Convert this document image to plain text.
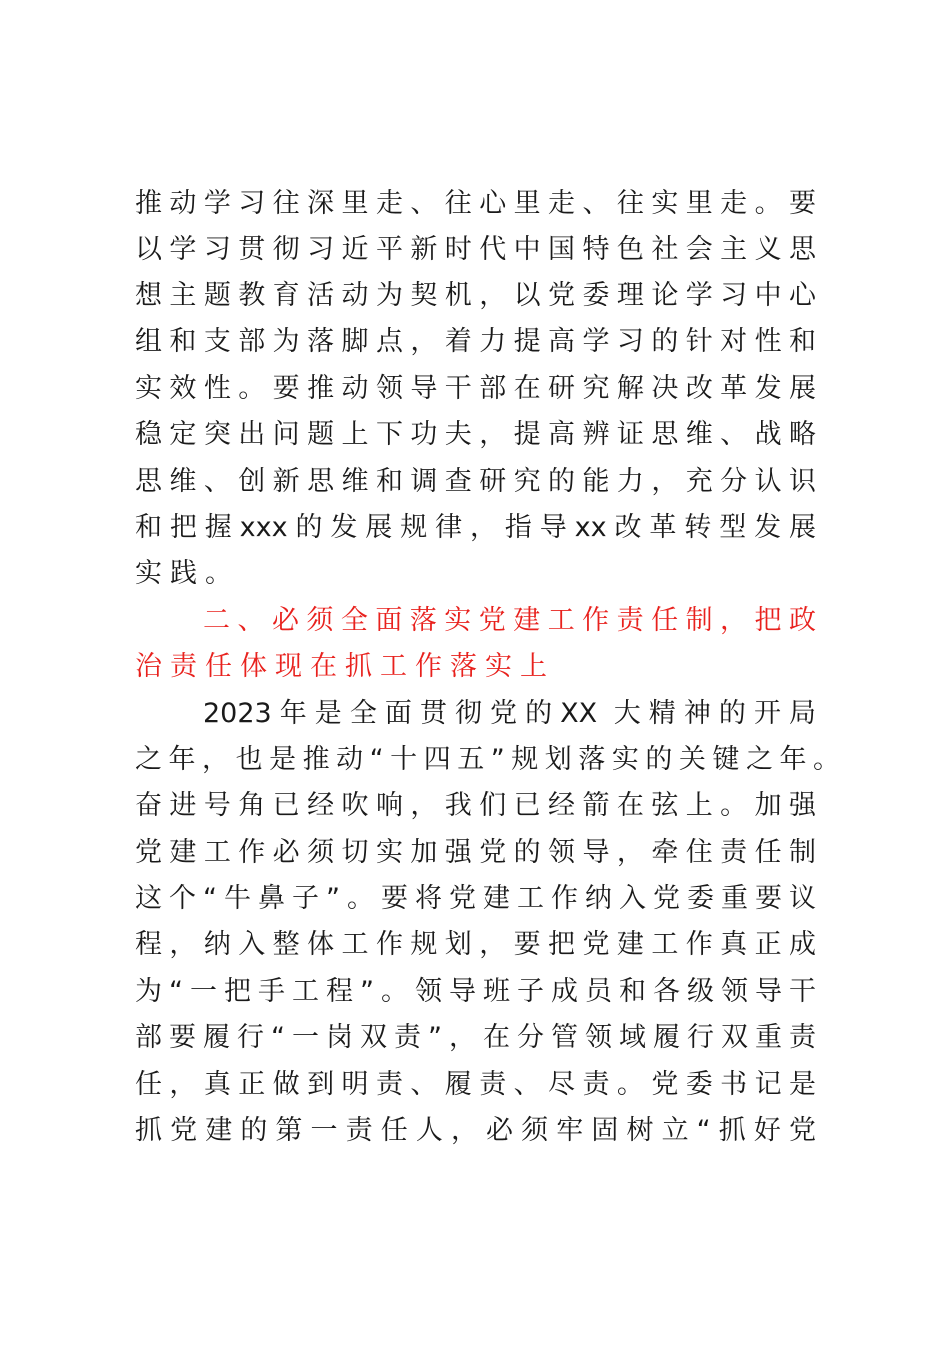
推动学习往深里走、往心里走、往实里走。要
以学习贯彻习近平新时代中国特色社会主义思
想主题教育活动为契机，以党委理论学习中心
组和支部为落脚点，着力提高学习的针对性和
实效性。要推动领导干部在研究解决改革发展
稳定突出问题上下功夫，提高辨证思维、战略
思维、创新思维和调查研究的能力，充分认识
和把握xxx的发展规律，指导xx改革转型发展
实践。
二、必须全面落实党建工作责任制，把政
治责任体现在抓工作落实上
2023年是全面贯彻党的XX 大精神的开局
之年，也是推动“十四五”规划落实的关键之年。
奋进号角已经吹响，我们已经箭在弦上。加强
党建工作必须切实加强党的领导，牵住责任制
这个“牛鼻子”。要将党建工作纳入党委重要议
程，纳入整体工作规划，要把党建工作真正成
为“一把手工程”。领导班子成员和各级领导干
部要履行“一岗双责”，在分管领域履行双重责
任，真正做到明责、履责、尽责。党委书记是
抓党建的第一责任人，必须牢固树立“抓好党
